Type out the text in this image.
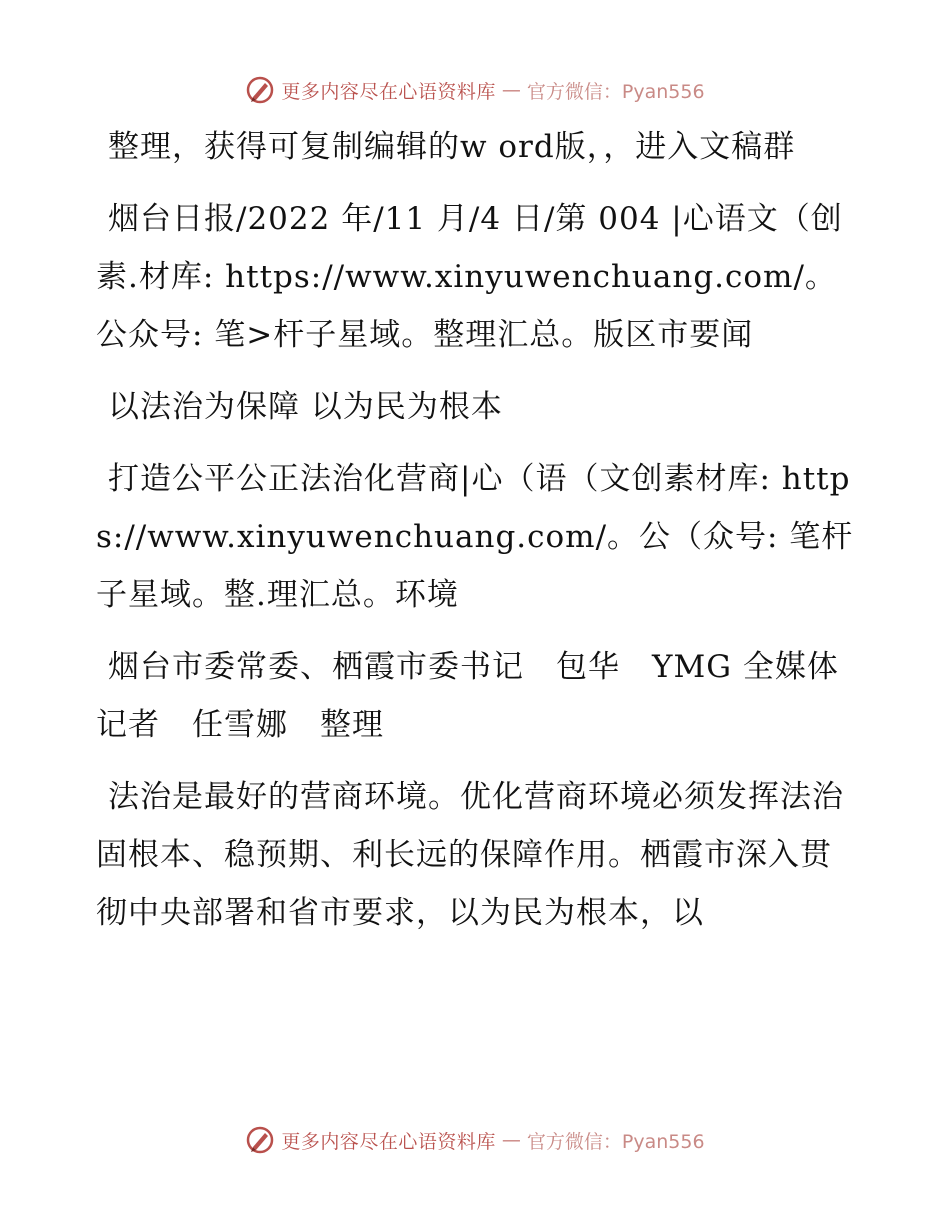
更多内容尽在心语资料库 — 官方微信：Pyan556

整理，获得可复制编辑的w ord版，，进入文稿群

烟台日报/2022 年/11 月/4 日/第 004 |心语文（创素.材库: https://www.xinyuwenchuang.com/。公众号: 笔>杆子星域。整理汇总。版区市要闻

以法治为保障 以为民为根本

打造公平公正法治化营商|心（语（文创素材库: https://www.xinyuwenchuang.com/。公（众号: 笔杆子星域。整.理汇总。环境

烟台市委常委、栖霞市委书记　包华　YMG 全媒体记者　任雪娜　整理

法治是最好的营商环境。优化营商环境必须发挥法治固根本、稳预期、利长远的保障作用。栖霞市深入贯彻中央部署和省市要求，以为民为根本，以

更多内容尽在心语资料库 — 官方微信：Pyan556
